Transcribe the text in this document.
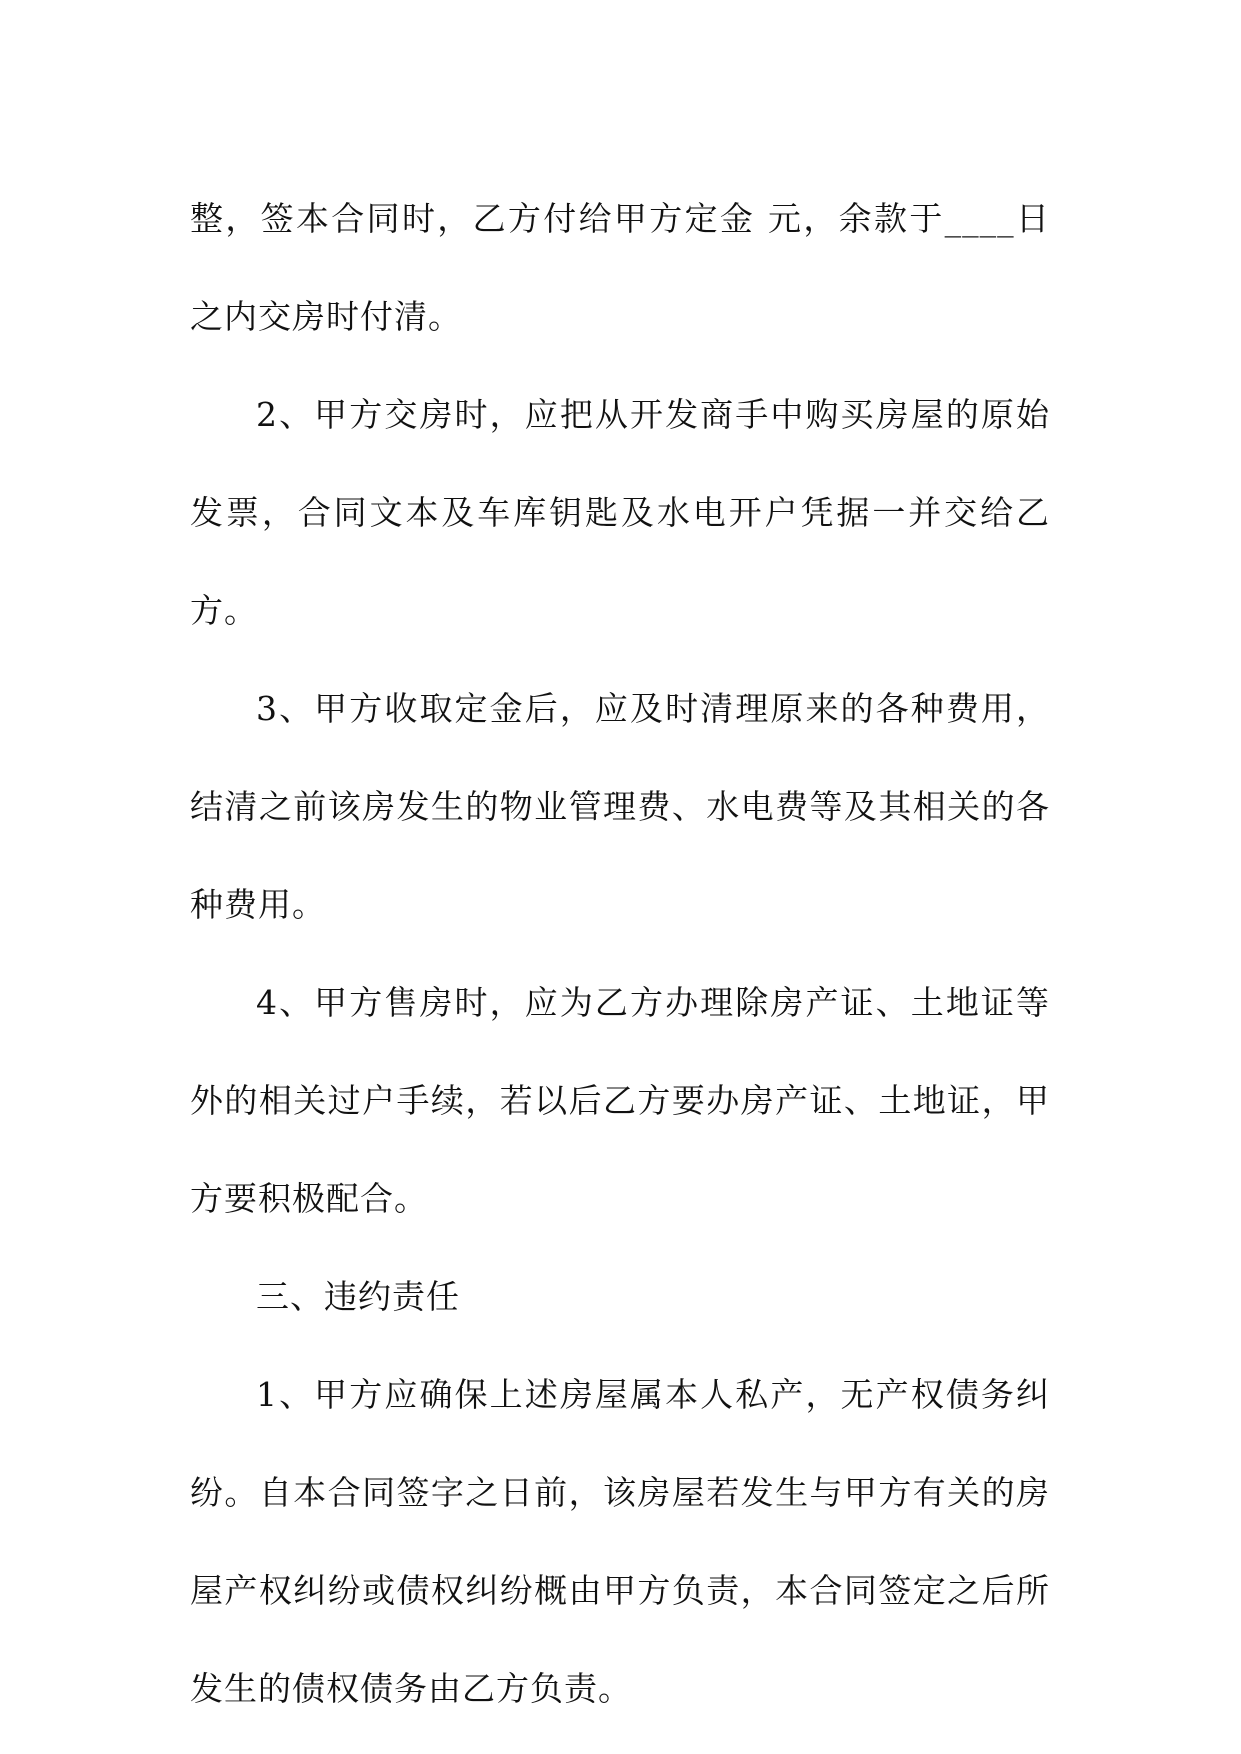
整，签本合同时，乙方付给甲方定金 元，余款于____日之内交房时付清。

2、甲方交房时，应把从开发商手中购买房屋的原始发票，合同文本及车库钥匙及水电开户凭据一并交给乙方。

3、甲方收取定金后，应及时清理原来的各种费用，结清之前该房发生的物业管理费、水电费等及其相关的各种费用。

4、甲方售房时，应为乙方办理除房产证、土地证等外的相关过户手续，若以后乙方要办房产证、土地证，甲方要积极配合。

三、违约责任

1、甲方应确保上述房屋属本人私产，无产权债务纠纷。自本合同签字之日前，该房屋若发生与甲方有关的房屋产权纠纷或债权纠纷概由甲方负责，本合同签定之后所发生的债权债务由乙方负责。
